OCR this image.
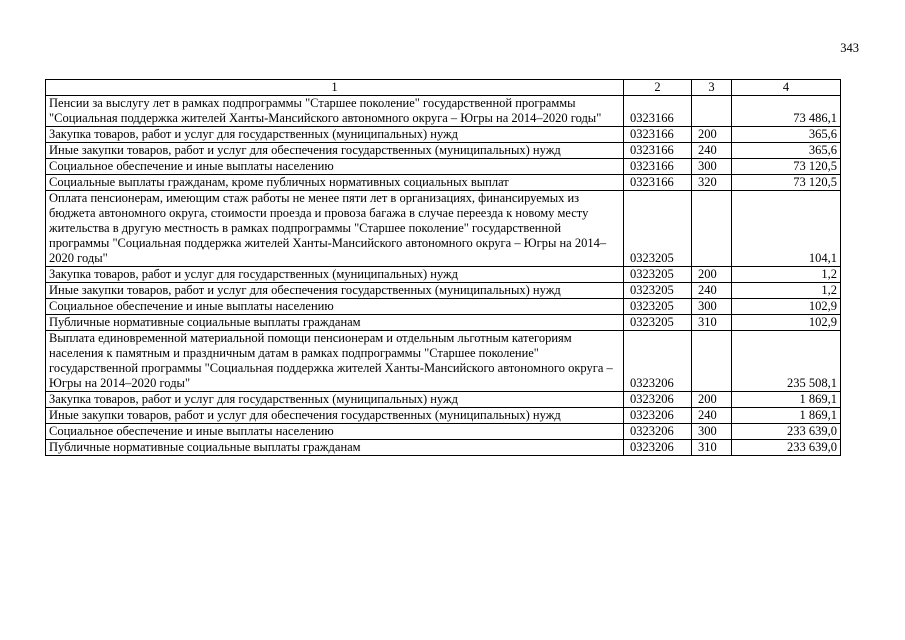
343
1	2	3	4
Пенсии за выслугу лет в рамках подпрограммы "Старшее поколение" государственной программы "Социальная поддержка жителей Ханты-Мансийского автономного округа – Югры на 2014–2020 годы"	0323166		73 486,1
Закупка товаров, работ и услуг для государственных (муниципальных) нужд	0323166	200	365,6
Иные закупки товаров, работ и услуг для обеспечения государственных (муниципальных) нужд	0323166	240	365,6
Социальное обеспечение и иные выплаты населению	0323166	300	73 120,5
Социальные выплаты гражданам, кроме публичных нормативных социальных выплат	0323166	320	73 120,5
Оплата пенсионерам, имеющим стаж работы не менее пяти лет в организациях, финансируемых из бюджета автономного округа, стоимости проезда и провоза багажа в случае переезда к новому месту жительства в другую местность в рамках подпрограммы "Старшее поколение" государственной программы "Социальная поддержка жителей Ханты-Мансийского автономного округа – Югры на 2014–2020 годы"	0323205		104,1
Закупка товаров, работ и услуг для государственных (муниципальных) нужд	0323205	200	1,2
Иные закупки товаров, работ и услуг для обеспечения государственных (муниципальных) нужд	0323205	240	1,2
Социальное обеспечение и иные выплаты населению	0323205	300	102,9
Публичные нормативные социальные выплаты гражданам	0323205	310	102,9
Выплата единовременной материальной помощи пенсионерам и отдельным льготным категориям населения к памятным и праздничным датам в рамках подпрограммы "Старшее поколение" государственной программы "Социальная поддержка жителей Ханты-Мансийского автономного округа – Югры на 2014–2020 годы"	0323206		235 508,1
Закупка товаров, работ и услуг для государственных (муниципальных) нужд	0323206	200	1 869,1
Иные закупки товаров, работ и услуг для обеспечения государственных (муниципальных) нужд	0323206	240	1 869,1
Социальное обеспечение и иные выплаты населению	0323206	300	233 639,0
Публичные нормативные социальные выплаты гражданам	0323206	310	233 639,0
